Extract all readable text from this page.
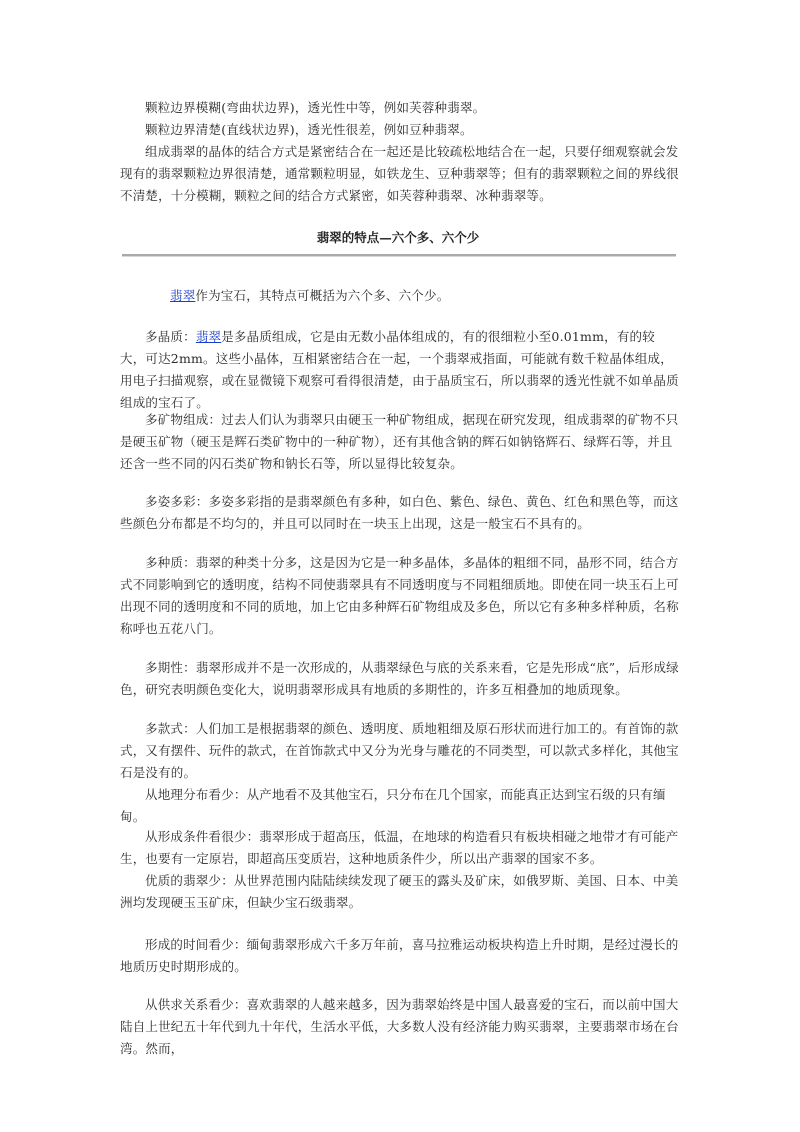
颗粒边界模糊(弯曲状边界)，透光性中等，例如芙蓉种翡翠。

颗粒边界清楚(直线状边界)，透光性很差，例如豆种翡翠。

组成翡翠的晶体的结合方式是紧密结合在一起还是比较疏松地结合在一起，只要仔细观察就会发现有的翡翠颗粒边界很清楚，通常颗粒明显，如铁龙生、豆种翡翠等；但有的翡翠颗粒之间的界线很不清楚，十分模糊，颗粒之间的结合方式紧密，如芙蓉种翡翠、冰种翡翠等。

翡翠的特点—六个多、六个少

翡翠作为宝石，其特点可概括为六个多、六个少。

多晶质：翡翠是多晶质组成，它是由无数小晶体组成的，有的很细粒小至0.01mm，有的较大，可达2mm。这些小晶体，互相紧密结合在一起，一个翡翠戒指面，可能就有数千粒晶体组成，用电子扫描观察，或在显微镜下观察可看得很清楚，由于晶质宝石，所以翡翠的透光性就不如单晶质组成的宝石了。

多矿物组成：过去人们认为翡翠只由硬玉一种矿物组成，据现在研究发现，组成翡翠的矿物不只是硬玉矿物（硬玉是辉石类矿物中的一种矿物），还有其他含钠的辉石如钠铬辉石、绿辉石等，并且还含一些不同的闪石类矿物和钠长石等，所以显得比较复杂。

多姿多彩：多姿多彩指的是翡翠颜色有多种，如白色、紫色、绿色、黄色、红色和黑色等，而这些颜色分布都是不均匀的，并且可以同时在一块玉上出现，这是一般宝石不具有的。

多种质：翡翠的种类十分多，这是因为它是一种多晶体，多晶体的粗细不同，晶形不同，结合方式不同影响到它的透明度，结构不同使翡翠具有不同透明度与不同粗细质地。即使在同一块玉石上可出现不同的透明度和不同的质地，加上它由多种辉石矿物组成及多色，所以它有多种多样种质，名称称呼也五花八门。

多期性：翡翠形成并不是一次形成的，从翡翠绿色与底的关系来看，它是先形成“底”，后形成绿色，研究表明颜色变化大，说明翡翠形成具有地质的多期性的，许多互相叠加的地质现象。

多款式：人们加工是根据翡翠的颜色、透明度、质地粗细及原石形状而进行加工的。有首饰的款式，又有摆件、玩件的款式，在首饰款式中又分为光身与雕花的不同类型，可以款式多样化，其他宝石是没有的。

从地理分布看少：从产地看不及其他宝石，只分布在几个国家，而能真正达到宝石级的只有缅甸。

从形成条件看很少：翡翠形成于超高压，低温，在地球的构造看只有板块相碰之地带才有可能产生，也要有一定原岩，即超高压变质岩，这种地质条件少，所以出产翡翠的国家不多。

优质的翡翠少：从世界范围内陆陆续续发现了硬玉的露头及矿床，如俄罗斯、美国、日本、中美洲均发现硬玉玉矿床，但缺少宝石级翡翠。

形成的时间看少：缅甸翡翠形成六千多万年前，喜马拉雅运动板块构造上升时期，是经过漫长的地质历史时期形成的。

从供求关系看少：喜欢翡翠的人越来越多，因为翡翠始终是中国人最喜爱的宝石，而以前中国大陆自上世纪五十年代到九十年代，生活水平低，大多数人没有经济能力购买翡翠，主要翡翠市场在台湾。然而，
